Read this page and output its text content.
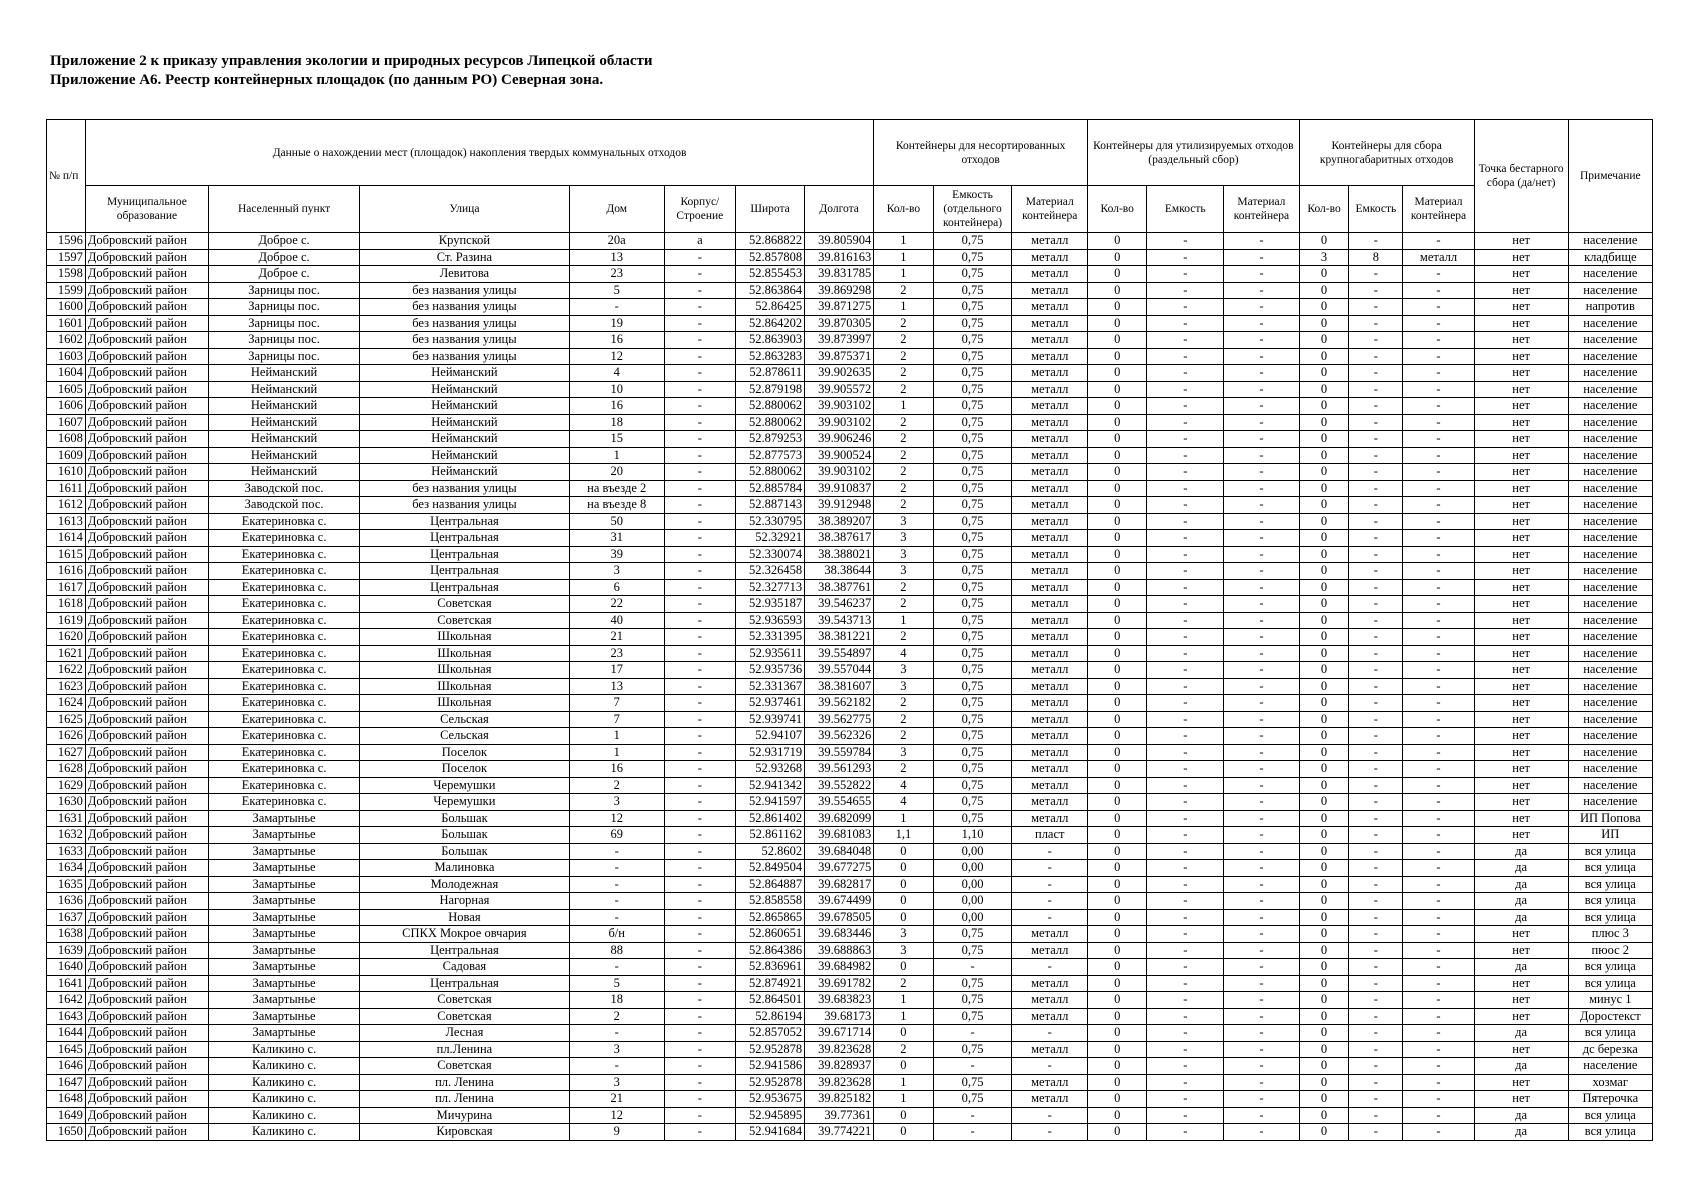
Приложение 2 к приказу управления экологии и природных ресурсов Липецкой области
Приложение А6. Реестр контейнерных площадок (по данным РО) Северная зона.
№ п/п	Данные о нахождении мест (площадок) накопления твердых коммунальных отходов							Контейнеры для несортированных отходов			Контейнеры для утилизируемых отходов (раздельный сбор)			Контейнеры для сбора крупногабаритных отходов			Точка бестарного сбора (да/нет)	Примечание
	Муниципальное образование	Населенный пункт	Улица	Дом	Корпус/ Строение	Широта	Долгота	Кол-во	Емкость (отдельного контейнера)	Материал контейнера	Кол-во	Емкость	Материал контейнера	Кол-во	Емкость	Материал контейнера		
1596	Добровский район	Доброе с.	Крупской	20а	а	52.868822	39.805904	1	0,75	металл	0	-	-	0	-	-	нет	население
1597	Добровский район	Доброе с.	Ст. Разина	13	-	52.857808	39.816163	1	0,75	металл	0	-	-	3	8	металл	нет	кладбище
1598	Добровский район	Доброе с.	Левитова	23	-	52.855453	39.831785	1	0,75	металл	0	-	-	0	-	-	нет	население
1599	Добровский район	Зарницы пос.	без названия улицы	5	-	52.863864	39.869298	2	0,75	металл	0	-	-	0	-	-	нет	население
1600	Добровский район	Зарницы пос.	без названия улицы	-	-	52.86425	39.871275	1	0,75	металл	0	-	-	0	-	-	нет	напротив
1601	Добровский район	Зарницы пос.	без названия улицы	19	-	52.864202	39.870305	2	0,75	металл	0	-	-	0	-	-	нет	население
1602	Добровский район	Зарницы пос.	без названия улицы	16	-	52.863903	39.873997	2	0,75	металл	0	-	-	0	-	-	нет	население
1603	Добровский район	Зарницы пос.	без названия улицы	12	-	52.863283	39.875371	2	0,75	металл	0	-	-	0	-	-	нет	население
1604	Добровский район	Нейманский	Нейманский	4	-	52.878611	39.902635	2	0,75	металл	0	-	-	0	-	-	нет	население
1605	Добровский район	Нейманский	Нейманский	10	-	52.879198	39.905572	2	0,75	металл	0	-	-	0	-	-	нет	население
1606	Добровский район	Нейманский	Нейманский	16	-	52.880062	39.903102	1	0,75	металл	0	-	-	0	-	-	нет	население
1607	Добровский район	Нейманский	Нейманский	18	-	52.880062	39.903102	2	0,75	металл	0	-	-	0	-	-	нет	население
1608	Добровский район	Нейманский	Нейманский	15	-	52.879253	39.906246	2	0,75	металл	0	-	-	0	-	-	нет	население
1609	Добровский район	Нейманский	Нейманский	1	-	52.877573	39.900524	2	0,75	металл	0	-	-	0	-	-	нет	население
1610	Добровский район	Нейманский	Нейманский	20	-	52.880062	39.903102	2	0,75	металл	0	-	-	0	-	-	нет	население
1611	Добровский район	Заводской пос.	без названия улицы	на въезде 2	-	52.885784	39.910837	2	0,75	металл	0	-	-	0	-	-	нет	население
1612	Добровский район	Заводской пос.	без названия улицы	на въезде 8	-	52.887143	39.912948	2	0,75	металл	0	-	-	0	-	-	нет	население
1613	Добровский район	Екатериновка с.	Центральная	50	-	52.330795	38.389207	3	0,75	металл	0	-	-	0	-	-	нет	население
1614	Добровский район	Екатериновка с.	Центральная	31	-	52.32921	38.387617	3	0,75	металл	0	-	-	0	-	-	нет	население
1615	Добровский район	Екатериновка с.	Центральная	39	-	52.330074	38.388021	3	0,75	металл	0	-	-	0	-	-	нет	население
1616	Добровский район	Екатериновка с.	Центральная	3	-	52.326458	38.38644	3	0,75	металл	0	-	-	0	-	-	нет	население
1617	Добровский район	Екатериновка с.	Центральная	6	-	52.327713	38.387761	2	0,75	металл	0	-	-	0	-	-	нет	население
1618	Добровский район	Екатериновка с.	Советская	22	-	52.935187	39.546237	2	0,75	металл	0	-	-	0	-	-	нет	население
1619	Добровский район	Екатериновка с.	Советская	40	-	52.936593	39.543713	1	0,75	металл	0	-	-	0	-	-	нет	население
1620	Добровский район	Екатериновка с.	Школьная	21	-	52.331395	38.381221	2	0,75	металл	0	-	-	0	-	-	нет	население
1621	Добровский район	Екатериновка с.	Школьная	23	-	52.935611	39.554897	4	0,75	металл	0	-	-	0	-	-	нет	население
1622	Добровский район	Екатериновка с.	Школьная	17	-	52.935736	39.557044	3	0,75	металл	0	-	-	0	-	-	нет	население
1623	Добровский район	Екатериновка с.	Школьная	13	-	52.331367	38.381607	3	0,75	металл	0	-	-	0	-	-	нет	население
1624	Добровский район	Екатериновка с.	Школьная	7	-	52.937461	39.562182	2	0,75	металл	0	-	-	0	-	-	нет	население
1625	Добровский район	Екатериновка с.	Сельская	7	-	52.939741	39.562775	2	0,75	металл	0	-	-	0	-	-	нет	население
1626	Добровский район	Екатериновка с.	Сельская	1	-	52.94107	39.562326	2	0,75	металл	0	-	-	0	-	-	нет	население
1627	Добровский район	Екатериновка с.	Поселок	1	-	52.931719	39.559784	3	0,75	металл	0	-	-	0	-	-	нет	население
1628	Добровский район	Екатериновка с.	Поселок	16	-	52.93268	39.561293	2	0,75	металл	0	-	-	0	-	-	нет	население
1629	Добровский район	Екатериновка с.	Черемушки	2	-	52.941342	39.552822	4	0,75	металл	0	-	-	0	-	-	нет	население
1630	Добровский район	Екатериновка с.	Черемушки	3	-	52.941597	39.554655	4	0,75	металл	0	-	-	0	-	-	нет	население
1631	Добровский район	Замартынье	Большак	12	-	52.861402	39.682099	1	0,75	металл	0	-	-	0	-	-	нет	ИП Попова
1632	Добровский район	Замартынье	Большак	69	-	52.861162	39.681083	1,1	1,10	пласт	0	-	-	0	-	-	нет	ИП
1633	Добровский район	Замартынье	Большак	-	-	52.8602	39.684048	0	0,00	-	0	-	-	0	-	-	да	вся улица
1634	Добровский район	Замартынье	Малиновка	-	-	52.849504	39.677275	0	0,00	-	0	-	-	0	-	-	да	вся улица
1635	Добровский район	Замартынье	Молодежная	-	-	52.864887	39.682817	0	0,00	-	0	-	-	0	-	-	да	вся улица
1636	Добровский район	Замартынье	Нагорная	-	-	52.858558	39.674499	0	0,00	-	0	-	-	0	-	-	да	вся улица
1637	Добровский район	Замартынье	Новая	-	-	52.865865	39.678505	0	0,00	-	0	-	-	0	-	-	да	вся улица
1638	Добровский район	Замартынье	СПКХ Мокрое овчария	б/н	-	52.860651	39.683446	3	0,75	металл	0	-	-	0	-	-	нет	плюс 3
1639	Добровский район	Замартынье	Центральная	88	-	52.864386	39.688863	3	0,75	металл	0	-	-	0	-	-	нет	пюос 2
1640	Добровский район	Замартынье	Садовая	-	-	52.836961	39.684982	0	-	-	0	-	-	0	-	-	да	вся улица
1641	Добровский район	Замартынье	Центральная	5	-	52.874921	39.691782	2	0,75	металл	0	-	-	0	-	-	нет	вся улица
1642	Добровский район	Замартынье	Советская	18	-	52.864501	39.683823	1	0,75	металл	0	-	-	0	-	-	нет	минус 1
1643	Добровский район	Замартынье	Советская	2	-	52.86194	39.68173	1	0,75	металл	0	-	-	0	-	-	нет	Доростекст
1644	Добровский район	Замартынье	Лесная	-	-	52.857052	39.671714	0	-	-	0	-	-	0	-	-	да	вся улица
1645	Добровский район	Каликино с.	пл.Ленина	3	-	52.952878	39.823628	2	0,75	металл	0	-	-	0	-	-	нет	дс березка
1646	Добровский район	Каликино с.	Советская	-	-	52.941586	39.828937	0	-	-	0	-	-	0	-	-	да	население
1647	Добровский район	Каликино с.	пл. Ленина	3	-	52.952878	39.823628	1	0,75	металл	0	-	-	0	-	-	нет	хозмаг
1648	Добровский район	Каликино с.	пл. Ленина	21	-	52.953675	39.825182	1	0,75	металл	0	-	-	0	-	-	нет	Пятерочка
1649	Добровский район	Каликино с.	Мичурина	12	-	52.945895	39.77361	0	-	-	0	-	-	0	-	-	да	вся улица
1650	Добровский район	Каликино с.	Кировская	9	-	52.941684	39.774221	0	-	-	0	-	-	0	-	-	да	вся улица
